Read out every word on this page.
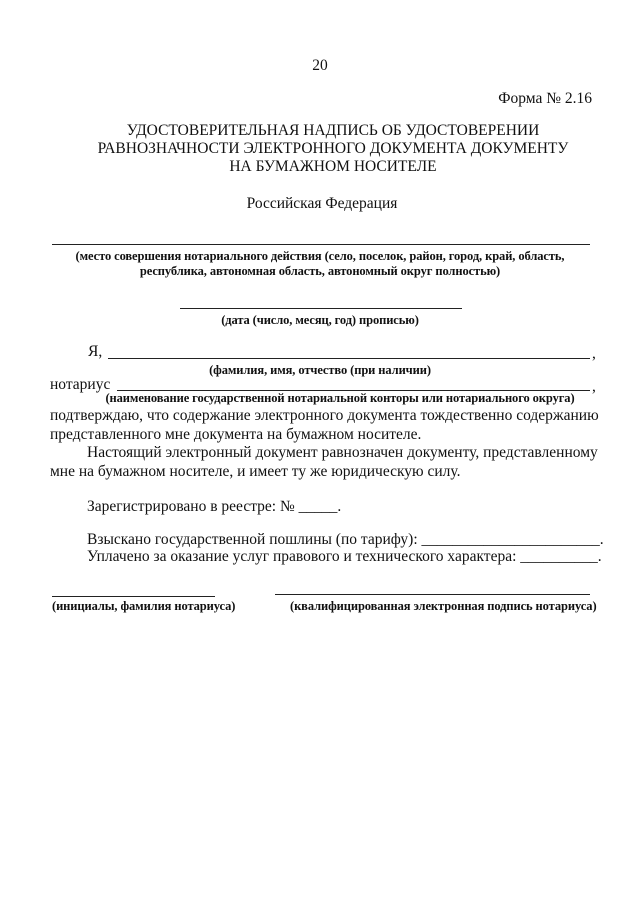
20
Форма № 2.16
УДОСТОВЕРИТЕЛЬНАЯ НАДПИСЬ ОБ УДОСТОВЕРЕНИИ
РАВНОЗНАЧНОСТИ ЭЛЕКТРОННОГО ДОКУМЕНТА ДОКУМЕНТУ
НА БУМАЖНОМ НОСИТЕЛЕ
Российская Федерация
(место совершения нотариального действия (село, поселок, район, город, край, область,
республика, автономная область, автономный округ полностью)
(дата (число, месяц, год) прописью)
Я,	,
(фамилия, имя, отчество (при наличии)
нотариус	,
(наименование государственной нотариальной конторы или нотариального округа)
подтверждаю, что содержание электронного документа тождественно содержанию
представленного мне документа на бумажном носителе.
Настоящий электронный документ равнозначен документу, представленному
мне на бумажном носителе, и имеет ту же юридическую силу.
Зарегистрировано в реестре: № _____.
Взыскано государственной пошлины (по тарифу): _______________________.
Уплачено за оказание услуг правового и технического характера: __________.
(инициалы, фамилия нотариуса)	(квалифицированная электронная подпись нотариуса)
